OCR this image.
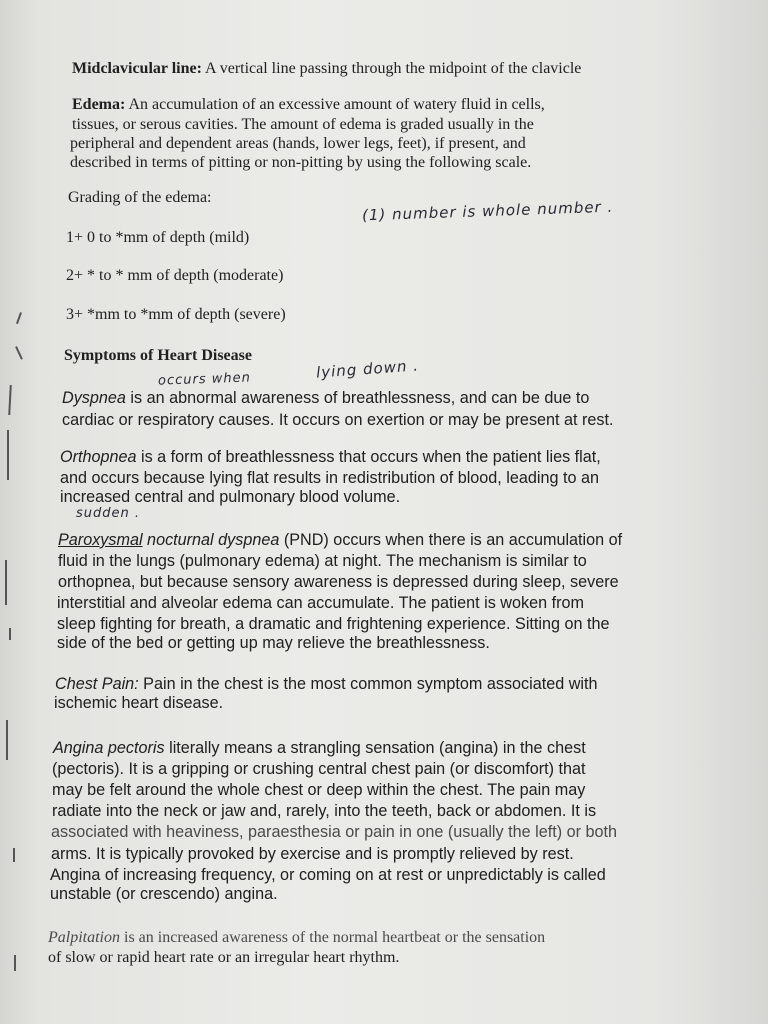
Midclavicular line: A vertical line passing through the midpoint of the clavicle
Edema: An accumulation of an excessive amount of watery fluid in cells,
tissues, or serous cavities. The amount of edema is graded usually in the
peripheral and dependent areas (hands, lower legs, feet), if present, and
described in terms of pitting or non-pitting by using the following scale.
Grading of the edema:
(1) number is whole number .
1+ 0 to *mm of depth (mild)
2+ * to * mm of depth (moderate)
3+ *mm to *mm of depth (severe)
Symptoms of Heart Disease
lying down .
occurs when
Dyspnea is an abnormal awareness of breathlessness, and can be due to
cardiac or respiratory causes. It occurs on exertion or may be present at rest.
Orthopnea is a form of breathlessness that occurs when the patient lies flat,
and occurs because lying flat results in redistribution of blood, leading to an
increased central and pulmonary blood volume.
sudden .
Paroxysmal nocturnal dyspnea (PND) occurs when there is an accumulation of
fluid in the lungs (pulmonary edema) at night. The mechanism is similar to
orthopnea, but because sensory awareness is depressed during sleep, severe
interstitial and alveolar edema can accumulate. The patient is woken from
sleep fighting for breath, a dramatic and frightening experience. Sitting on the
side of the bed or getting up may relieve the breathlessness.
Chest Pain: Pain in the chest is the most common symptom associated with
ischemic heart disease.
Angina pectoris literally means a strangling sensation (angina) in the chest
(pectoris). It is a gripping or crushing central chest pain (or discomfort) that
may be felt around the whole chest or deep within the chest. The pain may
radiate into the neck or jaw and, rarely, into the teeth, back or abdomen. It is
associated with heaviness, paraesthesia or pain in one (usually the left) or both
arms. It is typically provoked by exercise and is promptly relieved by rest.
Angina of increasing frequency, or coming on at rest or unpredictably is called
unstable (or crescendo) angina.
Palpitation is an increased awareness of the normal heartbeat or the sensation
of slow or rapid heart rate or an irregular heart rhythm.
